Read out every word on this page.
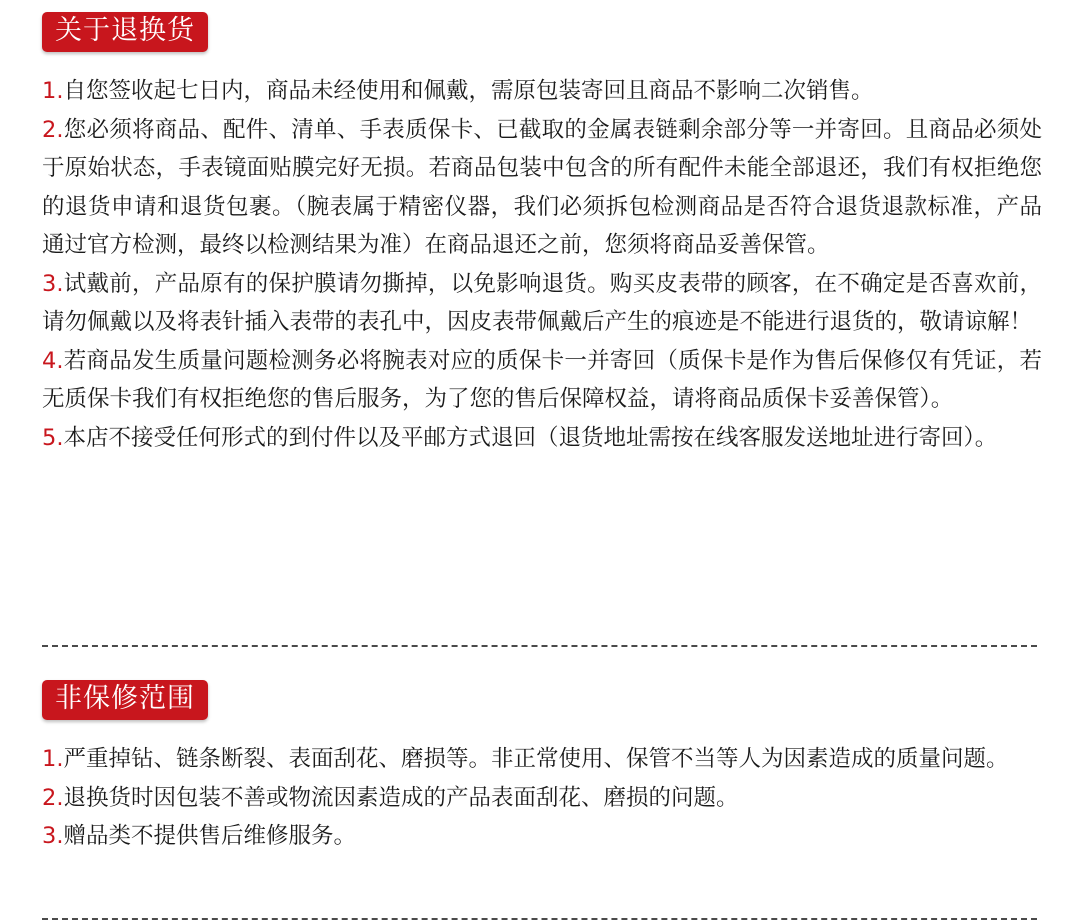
关于退换货

1.自您签收起七日内，商品未经使用和佩戴，需原包装寄回且商品不影响二次销售。

2.您必须将商品、配件、清单、手表质保卡、已截取的金属表链剩余部分等一并寄回。且商品必须处于原始状态，手表镜面贴膜完好无损。若商品包装中包含的所有配件未能全部退还，我们有权拒绝您的退货申请和退货包裹。（腕表属于精密仪器，我们必须拆包检测商品是否符合退货退款标准，产品通过官方检测，最终以检测结果为准）在商品退还之前，您须将商品妥善保管。

3.试戴前，产品原有的保护膜请勿撕掉，以免影响退货。购买皮表带的顾客，在不确定是否喜欢前，请勿佩戴以及将表针插入表带的表孔中，因皮表带佩戴后产生的痕迹是不能进行退货的，敬请谅解！

4.若商品发生质量问题检测务必将腕表对应的质保卡一并寄回（质保卡是作为售后保修仅有凭证，若无质保卡我们有权拒绝您的售后服务，为了您的售后保障权益，请将商品质保卡妥善保管）。

5.本店不接受任何形式的到付件以及平邮方式退回（退货地址需按在线客服发送地址进行寄回）。

非保修范围

1.严重掉钻、链条断裂、表面刮花、磨损等。非正常使用、保管不当等人为因素造成的质量问题。

2.退换货时因包装不善或物流因素造成的产品表面刮花、磨损的问题。

3.赠品类不提供售后维修服务。
